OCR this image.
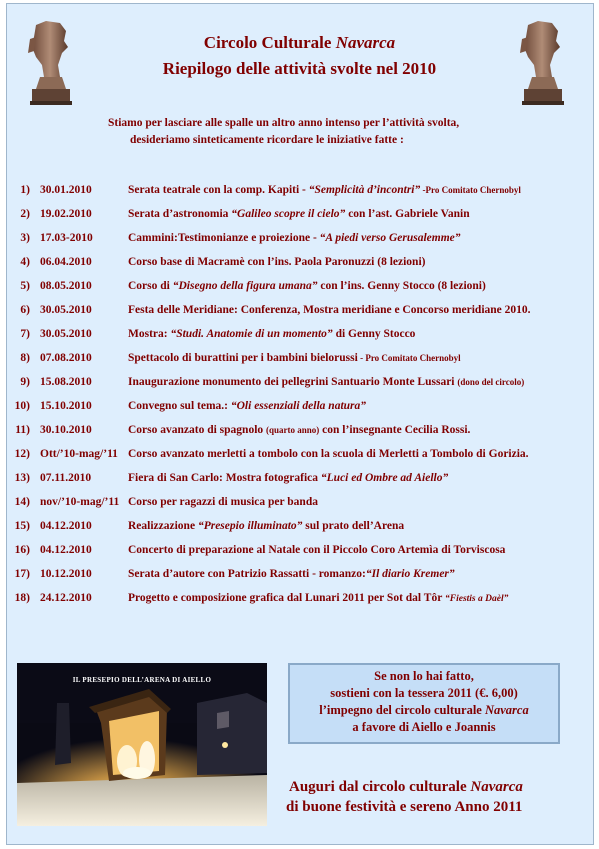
Circolo Culturale Navarca
Riepilogo delle attività svolte nel 2010
Stiamo per lasciare alle spalle un altro anno intenso per l’attività svolta,
desideriamo sinteticamente ricordare le iniziative fatte :
1) 30.01.2010	Serata teatrale con la comp. Kapiti - “Semplicità d’incontri” -Pro Comitato Chernobyl
2) 19.02.2010	Serata d’astronomia “Galileo scopre il cielo” con l’ast. Gabriele Vanin
3) 17.03-2010	Cammini:Testimonianze e proiezione - “A piedi verso Gerusalemme”
4) 06.04.2010	Corso base di Macramè con l’ins. Paola Paronuzzi (8 lezioni)
5) 08.05.2010	Corso di “Disegno della figura umana” con l’ins. Genny Stocco (8 lezioni)
6) 30.05.2010	Festa delle Meridiane: Conferenza, Mostra meridiane e Concorso meridiane 2010.
7) 30.05.2010	Mostra: “Studi. Anatomie di un momento” di Genny Stocco
8) 07.08.2010	Spettacolo di burattini per i bambini bielorussi - Pro Comitato Chernobyl
9) 15.08.2010	Inaugurazione monumento dei pellegrini Santuario Monte Lussari (dono del circolo)
10) 15.10.2010	Convegno sul tema.: “Oli essenziali della natura”
11) 30.10.2010	Corso avanzato di spagnolo (quarto anno) con l’insegnante Cecilia Rossi.
12) Ott/’10-mag/’11 Corso avanzato merletti a tombolo con la scuola di Merletti a Tombolo di Gorizia.
13) 07.11.2010	Fiera di San Carlo: Mostra fotografica “Luci ed Ombre ad Aiello”
14) nov/’10-mag/’11 Corso per ragazzi di musica per banda
15) 04.12.2010	Realizzazione “Presepio illuminato” sul prato dell’Arena
16) 04.12.2010	Concerto di preparazione al Natale con il Piccolo Coro Artemìa di Torviscosa
17) 10.12.2010	Serata d’autore con Patrizio Rassatti - romanzo:“Il diario Kremer”
18) 24.12.2010	Progetto e composizione grafica dal Lunari 2011 per Sot dal Tôr “Fiestis a Daèl”
IL PRESEPIO DELL’ARENA DI AIELLO	Se non lo hai fatto,
sostieni con la tessera 2011 (€. 6,00)
l’impegno del circolo culturale Navarca
a favore di Aiello e Joannis
Auguri dal circolo culturale Navarca
di buone festività e sereno Anno 2011
